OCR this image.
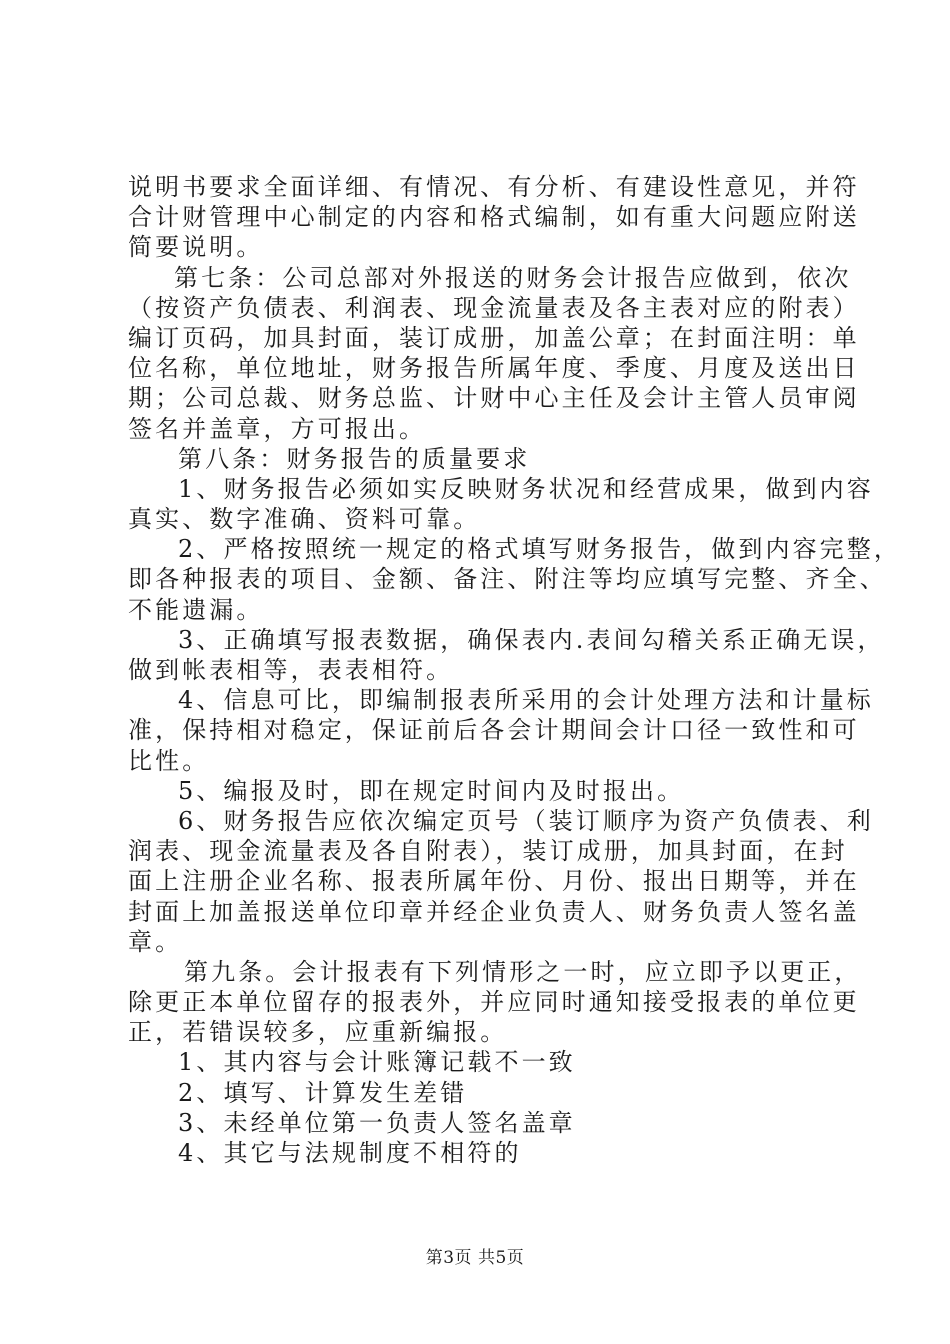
说明书要求全面详细、有情况、有分析、有建设性意见，并符
合计财管理中心制定的内容和格式编制，如有重大问题应附送
简要说明。
第七条：公司总部对外报送的财务会计报告应做到，依次
（按资产负债表、利润表、现金流量表及各主表对应的附表）
编订页码，加具封面，装订成册，加盖公章；在封面注明：单
位名称，单位地址，财务报告所属年度、季度、月度及送出日
期；公司总裁、财务总监、计财中心主任及会计主管人员审阅
签名并盖章，方可报出。
第八条：财务报告的质量要求
1、财务报告必须如实反映财务状况和经营成果，做到内容
真实、数字准确、资料可靠。
2、严格按照统一规定的格式填写财务报告，做到内容完整，
即各种报表的项目、金额、备注、附注等均应填写完整、齐全、
不能遗漏。
3、正确填写报表数据，确保表内.表间勾稽关系正确无误，
做到帐表相等，表表相符。
4、信息可比，即编制报表所采用的会计处理方法和计量标
准，保持相对稳定，保证前后各会计期间会计口径一致性和可
比性。
5、编报及时，即在规定时间内及时报出。
6、财务报告应依次编定页号（装订顺序为资产负债表、利
润表、现金流量表及各自附表），装订成册，加具封面，在封
面上注册企业名称、报表所属年份、月份、报出日期等，并在
封面上加盖报送单位印章并经企业负责人、财务负责人签名盖
章。
第九条。会计报表有下列情形之一时，应立即予以更正，
除更正本单位留存的报表外，并应同时通知接受报表的单位更
正，若错误较多，应重新编报。
1、其内容与会计账簿记载不一致
2、填写、计算发生差错
3、未经单位第一负责人签名盖章
4、其它与法规制度不相符的
第3页 共5页
